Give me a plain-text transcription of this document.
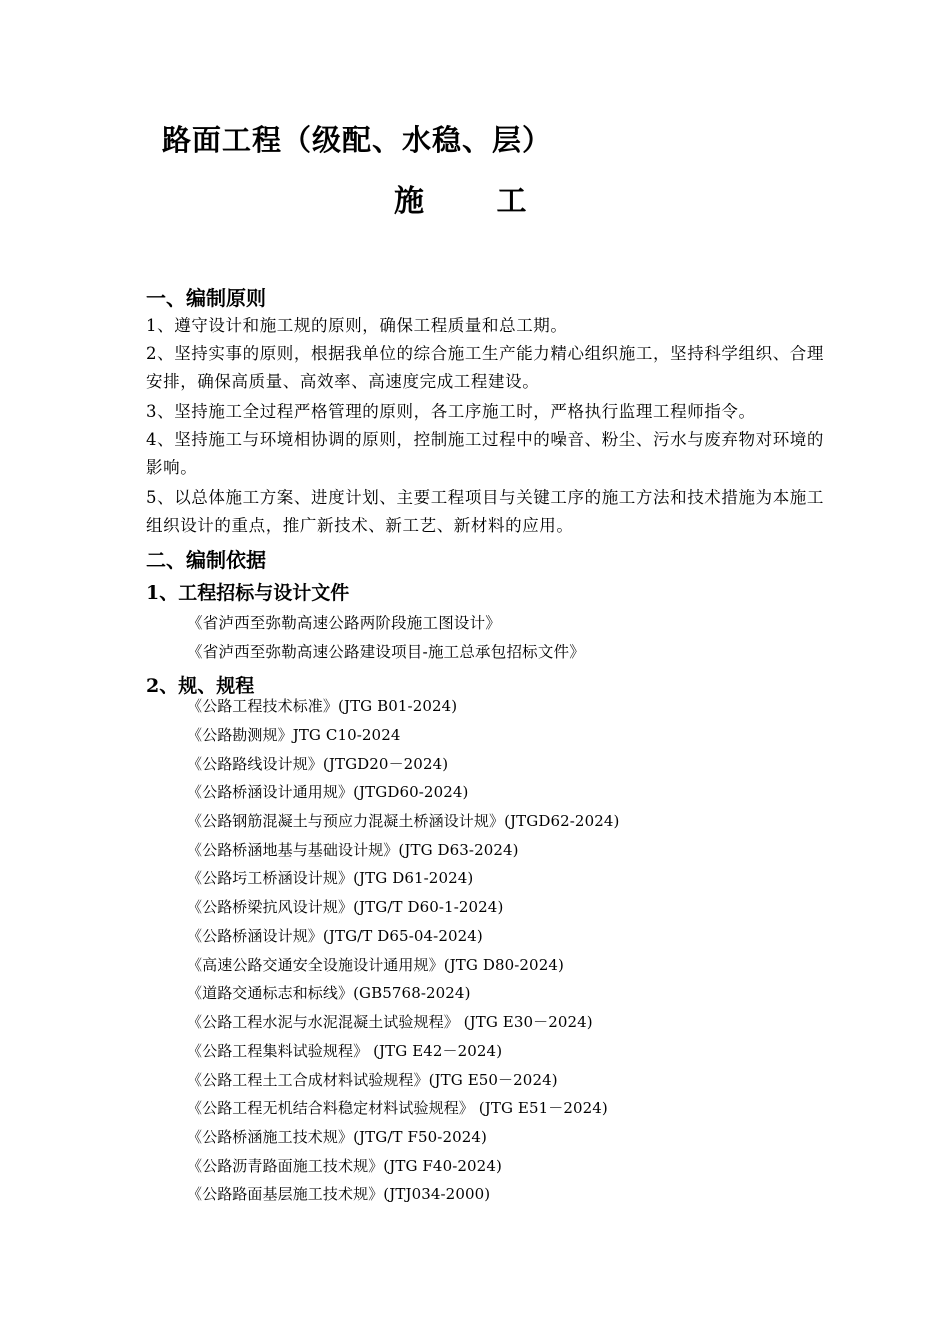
路面工程（级配、水稳、层）
施 工
一、编制原则
1、遵守设计和施工规的原则，确保工程质量和总工期。
2、坚持实事的原则，根据我单位的综合施工生产能力精心组织施工，坚持科学组织、合理安排，确保高质量、高效率、高速度完成工程建设。
3、坚持施工全过程严格管理的原则，各工序施工时，严格执行监理工程师指令。
4、坚持施工与环境相协调的原则，控制施工过程中的噪音、粉尘、污水与废弃物对环境的影响。
5、以总体施工方案、进度计划、主要工程项目与关键工序的施工方法和技术措施为本施工组织设计的重点，推广新技术、新工艺、新材料的应用。
二、编制依据
1、工程招标与设计文件
《省泸西至弥勒高速公路两阶段施工图设计》
《省泸西至弥勒高速公路建设项目-施工总承包招标文件》
2、规、规程
《公路工程技术标准》(JTG B01-2024)
《公路勘测规》JTG C10-2024
《公路路线设计规》(JTGD20－2024)
《公路桥涵设计通用规》(JTGD60-2024)
《公路钢筋混凝土与预应力混凝土桥涵设计规》(JTGD62-2024)
《公路桥涵地基与基础设计规》(JTG D63-2024)
《公路圬工桥涵设计规》(JTG D61-2024)
《公路桥梁抗风设计规》(JTG/T D60-1-2024)
《公路桥涵设计规》(JTG/T D65-04-2024)
《高速公路交通安全设施设计通用规》(JTG D80-2024)
《道路交通标志和标线》(GB5768-2024)
《公路工程水泥与水泥混凝土试验规程》 (JTG E30－2024)
《公路工程集料试验规程》 (JTG E42－2024)
《公路工程土工合成材料试验规程》(JTG E50－2024)
《公路工程无机结合料稳定材料试验规程》 (JTG E51－2024)
《公路桥涵施工技术规》(JTG/T F50-2024)
《公路沥青路面施工技术规》(JTG F40-2024)
《公路路面基层施工技术规》(JTJ034-2000)
